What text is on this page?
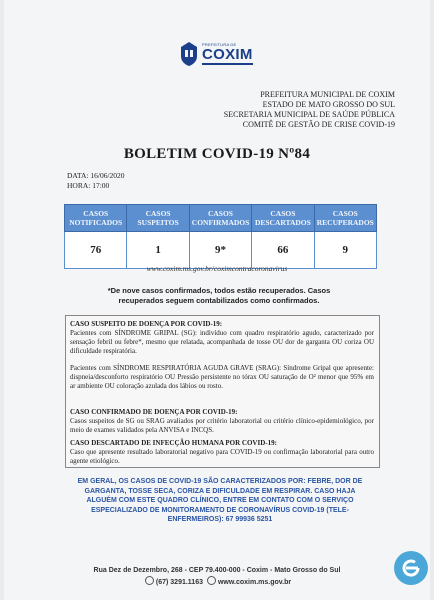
PREFEITURA DE
COXIM
PREFEITURA MUNICIPAL DE COXIM
ESTADO DE MATO GROSSO DO SUL
SECRETARIA MUNICIPAL DE SAÚDE PÚBLICA
COMITÊ DE GESTÃO DE CRISE COVID-19
BOLETIM COVID-19 Nº84
DATA: 16/06/2020
HORA: 17:00
CASOS NOTIFICADOS	CASOS SUSPEITOS	CASOS CONFIRMADOS	CASOS DESCARTADOS	CASOS RECUPERADOS
76	1	9*	66	9
www.coxim.ms.gov.br/coximcontracoronavirus
*De nove casos confirmados, todos estão recuperados. Casos recuperados seguem contabilizados como confirmados.
CASO SUSPEITO DE DOENÇA POR COVID-19:
Pacientes com SÍNDROME GRIPAL (SG): indivíduo com quadro respiratório agudo, caracterizado por sensação febril ou febre*, mesmo que relatada, acompanhada de tosse OU dor de garganta OU coriza OU dificuldade respiratória.
Pacientes com SÍNDROME RESPIRATÓRIA AGUDA GRAVE (SRAG): Síndrome Gripal que apresente: dispneia/desconforto respiratório OU Pressão persistente no tórax OU saturação de O² menor que 95% em ar ambiente OU coloração azulada dos lábios ou rosto.
CASO CONFIRMADO DE DOENÇA POR COVID-19:
Casos suspeitos de SG ou SRAG avaliados por critério laboratorial ou critério clínico-epidemiológico, por meio de exames validados pela ANVISA e INCQS.
CASO DESCARTADO DE INFECÇÃO HUMANA POR COVID-19:
Caso que apresente resultado laboratorial negativo para COVID-19 ou confirmação laboratorial para outro agente etiológico.
EM GERAL, OS CASOS DE COVID-19 SÃO CARACTERIZADOS POR: FEBRE, DOR DE GARGANTA, TOSSE SECA, CORIZA E DIFICULDADE EM RESPIRAR. CASO HAJA ALGUÉM COM ESTE QUADRO CLÍNICO, ENTRE EM CONTATO COM O SERVIÇO ESPECIALIZADO DE MONITORAMENTO DE CORONAVÍRUS COVID-19 (TELE-ENFERMEIROS): 67 99936 5251
Rua Dez de Dezembro, 268 - CEP 79.400-000 - Coxim - Mato Grosso do Sul
(67) 3291.1163 www.coxim.ms.gov.br
